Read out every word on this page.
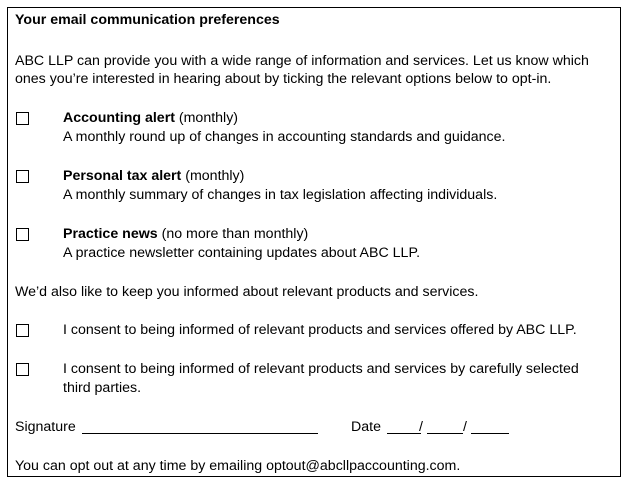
Your email communication preferences
ABC LLP can provide you with a wide range of information and services. Let us know which
ones you’re interested in hearing about by ticking the relevant options below to opt-in.
Accounting alert (monthly)
A monthly round up of changes in accounting standards and guidance.
Personal tax alert (monthly)
A monthly summary of changes in tax legislation affecting individuals.
Practice news (no more than monthly)
A practice newsletter containing updates about ABC LLP.
We’d also like to keep you informed about relevant products and services.
I consent to being informed of relevant products and services offered by ABC LLP.
I consent to being informed of relevant products and services by carefully selected
third parties.
Signature	Date	/	/
You can opt out at any time by emailing optout@abcllpaccounting.com.
